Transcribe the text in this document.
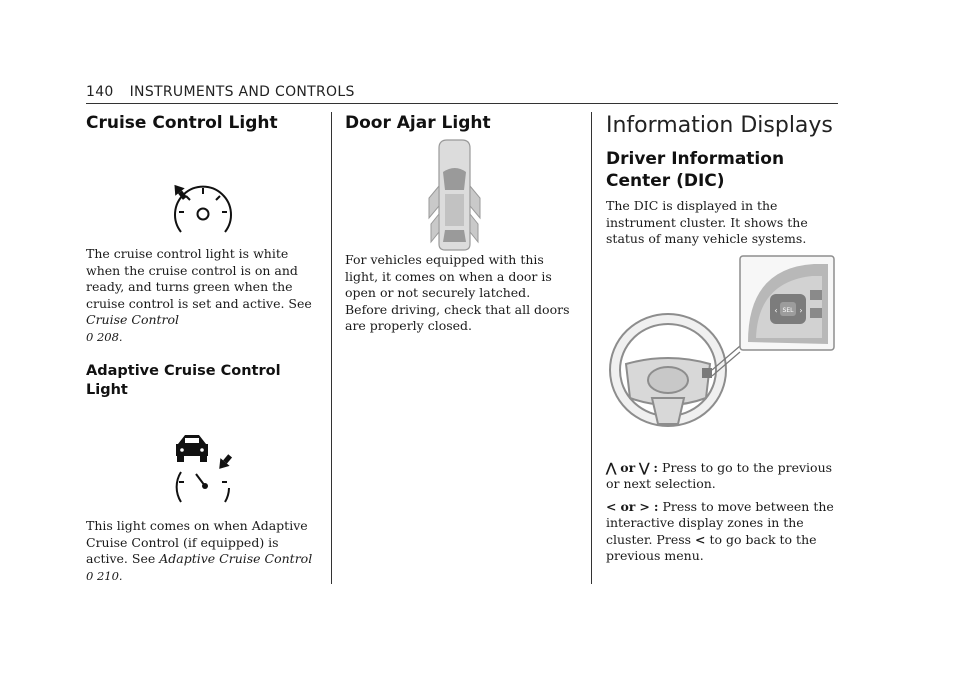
140 INSTRUMENTS AND CONTROLS
Cruise Control Light

The cruise control light is white when the cruise control is on and ready, and turns green when the cruise control is set and active. See Cruise Control
0 208.

Adaptive Cruise Control Light

This light comes on when Adaptive Cruise Control (if equipped) is active. See Adaptive Cruise Control 0 210.

Door Ajar Light

For vehicles equipped with this light, it comes on when a door is open or not securely latched. Before driving, check that all doors are properly closed.

Information Displays
Driver Information
Center (DIC)

The DIC is displayed in the instrument cluster. It shows the status of many vehicle systems.

SEL
‹	›

⋀ or ⋁ : Press to go to the previous or next selection.

< or > : Press to move between the interactive display zones in the cluster. Press < to go back to the previous menu.
